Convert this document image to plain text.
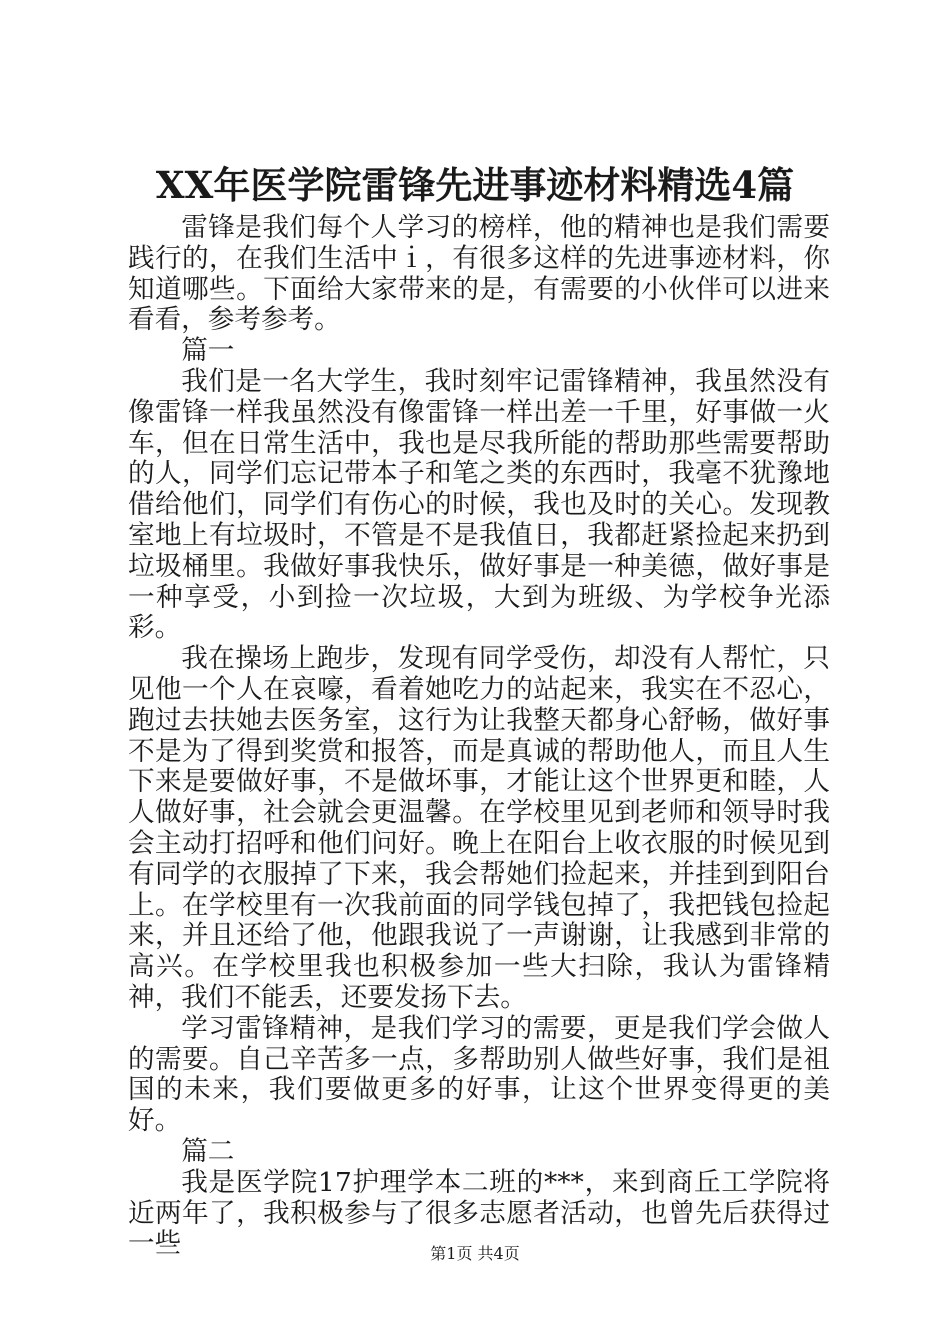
XX年医学院雷锋先进事迹材料精选4篇

雷锋是我们每个人学习的榜样，他的精神也是我们需要践行的，在我们生活中ｉ，有很多这样的先进事迹材料，你知道哪些。下面给大家带来的是，有需要的小伙伴可以进来看看，参考参考。

篇一

我们是一名大学生，我时刻牢记雷锋精神，我虽然没有像雷锋一样我虽然没有像雷锋一样出差一千里，好事做一火车，但在日常生活中，我也是尽我所能的帮助那些需要帮助的人，同学们忘记带本子和笔之类的东西时，我毫不犹豫地借给他们，同学们有伤心的时候，我也及时的关心。发现教室地上有垃圾时，不管是不是我值日，我都赶紧捡起来扔到垃圾桶里。我做好事我快乐，做好事是一种美德，做好事是一种享受，小到捡一次垃圾，大到为班级、为学校争光添彩。

我在操场上跑步，发现有同学受伤，却没有人帮忙，只见他一个人在哀嚎，看着她吃力的站起来，我实在不忍心，跑过去扶她去医务室，这行为让我整天都身心舒畅，做好事不是为了得到奖赏和报答，而是真诚的帮助他人，而且人生下来是要做好事，不是做坏事，才能让这个世界更和睦，人人做好事，社会就会更温馨。在学校里见到老师和领导时我会主动打招呼和他们问好。晚上在阳台上收衣服的时候见到有同学的衣服掉了下来，我会帮她们捡起来，并挂到到阳台上。在学校里有一次我前面的同学钱包掉了，我把钱包捡起来，并且还给了他，他跟我说了一声谢谢，让我感到非常的高兴。在学校里我也积极参加一些大扫除，我认为雷锋精神，我们不能丢，还要发扬下去。

学习雷锋精神，是我们学习的需要，更是我们学会做人的需要。自己辛苦多一点，多帮助别人做些好事，我们是祖国的未来，我们要做更多的好事，让这个世界变得更的美好。

篇二

我是医学院17护理学本二班的***，来到商丘工学院将近两年了，我积极参与了很多志愿者活动，也曾先后获得过一些	第1页 共4页
